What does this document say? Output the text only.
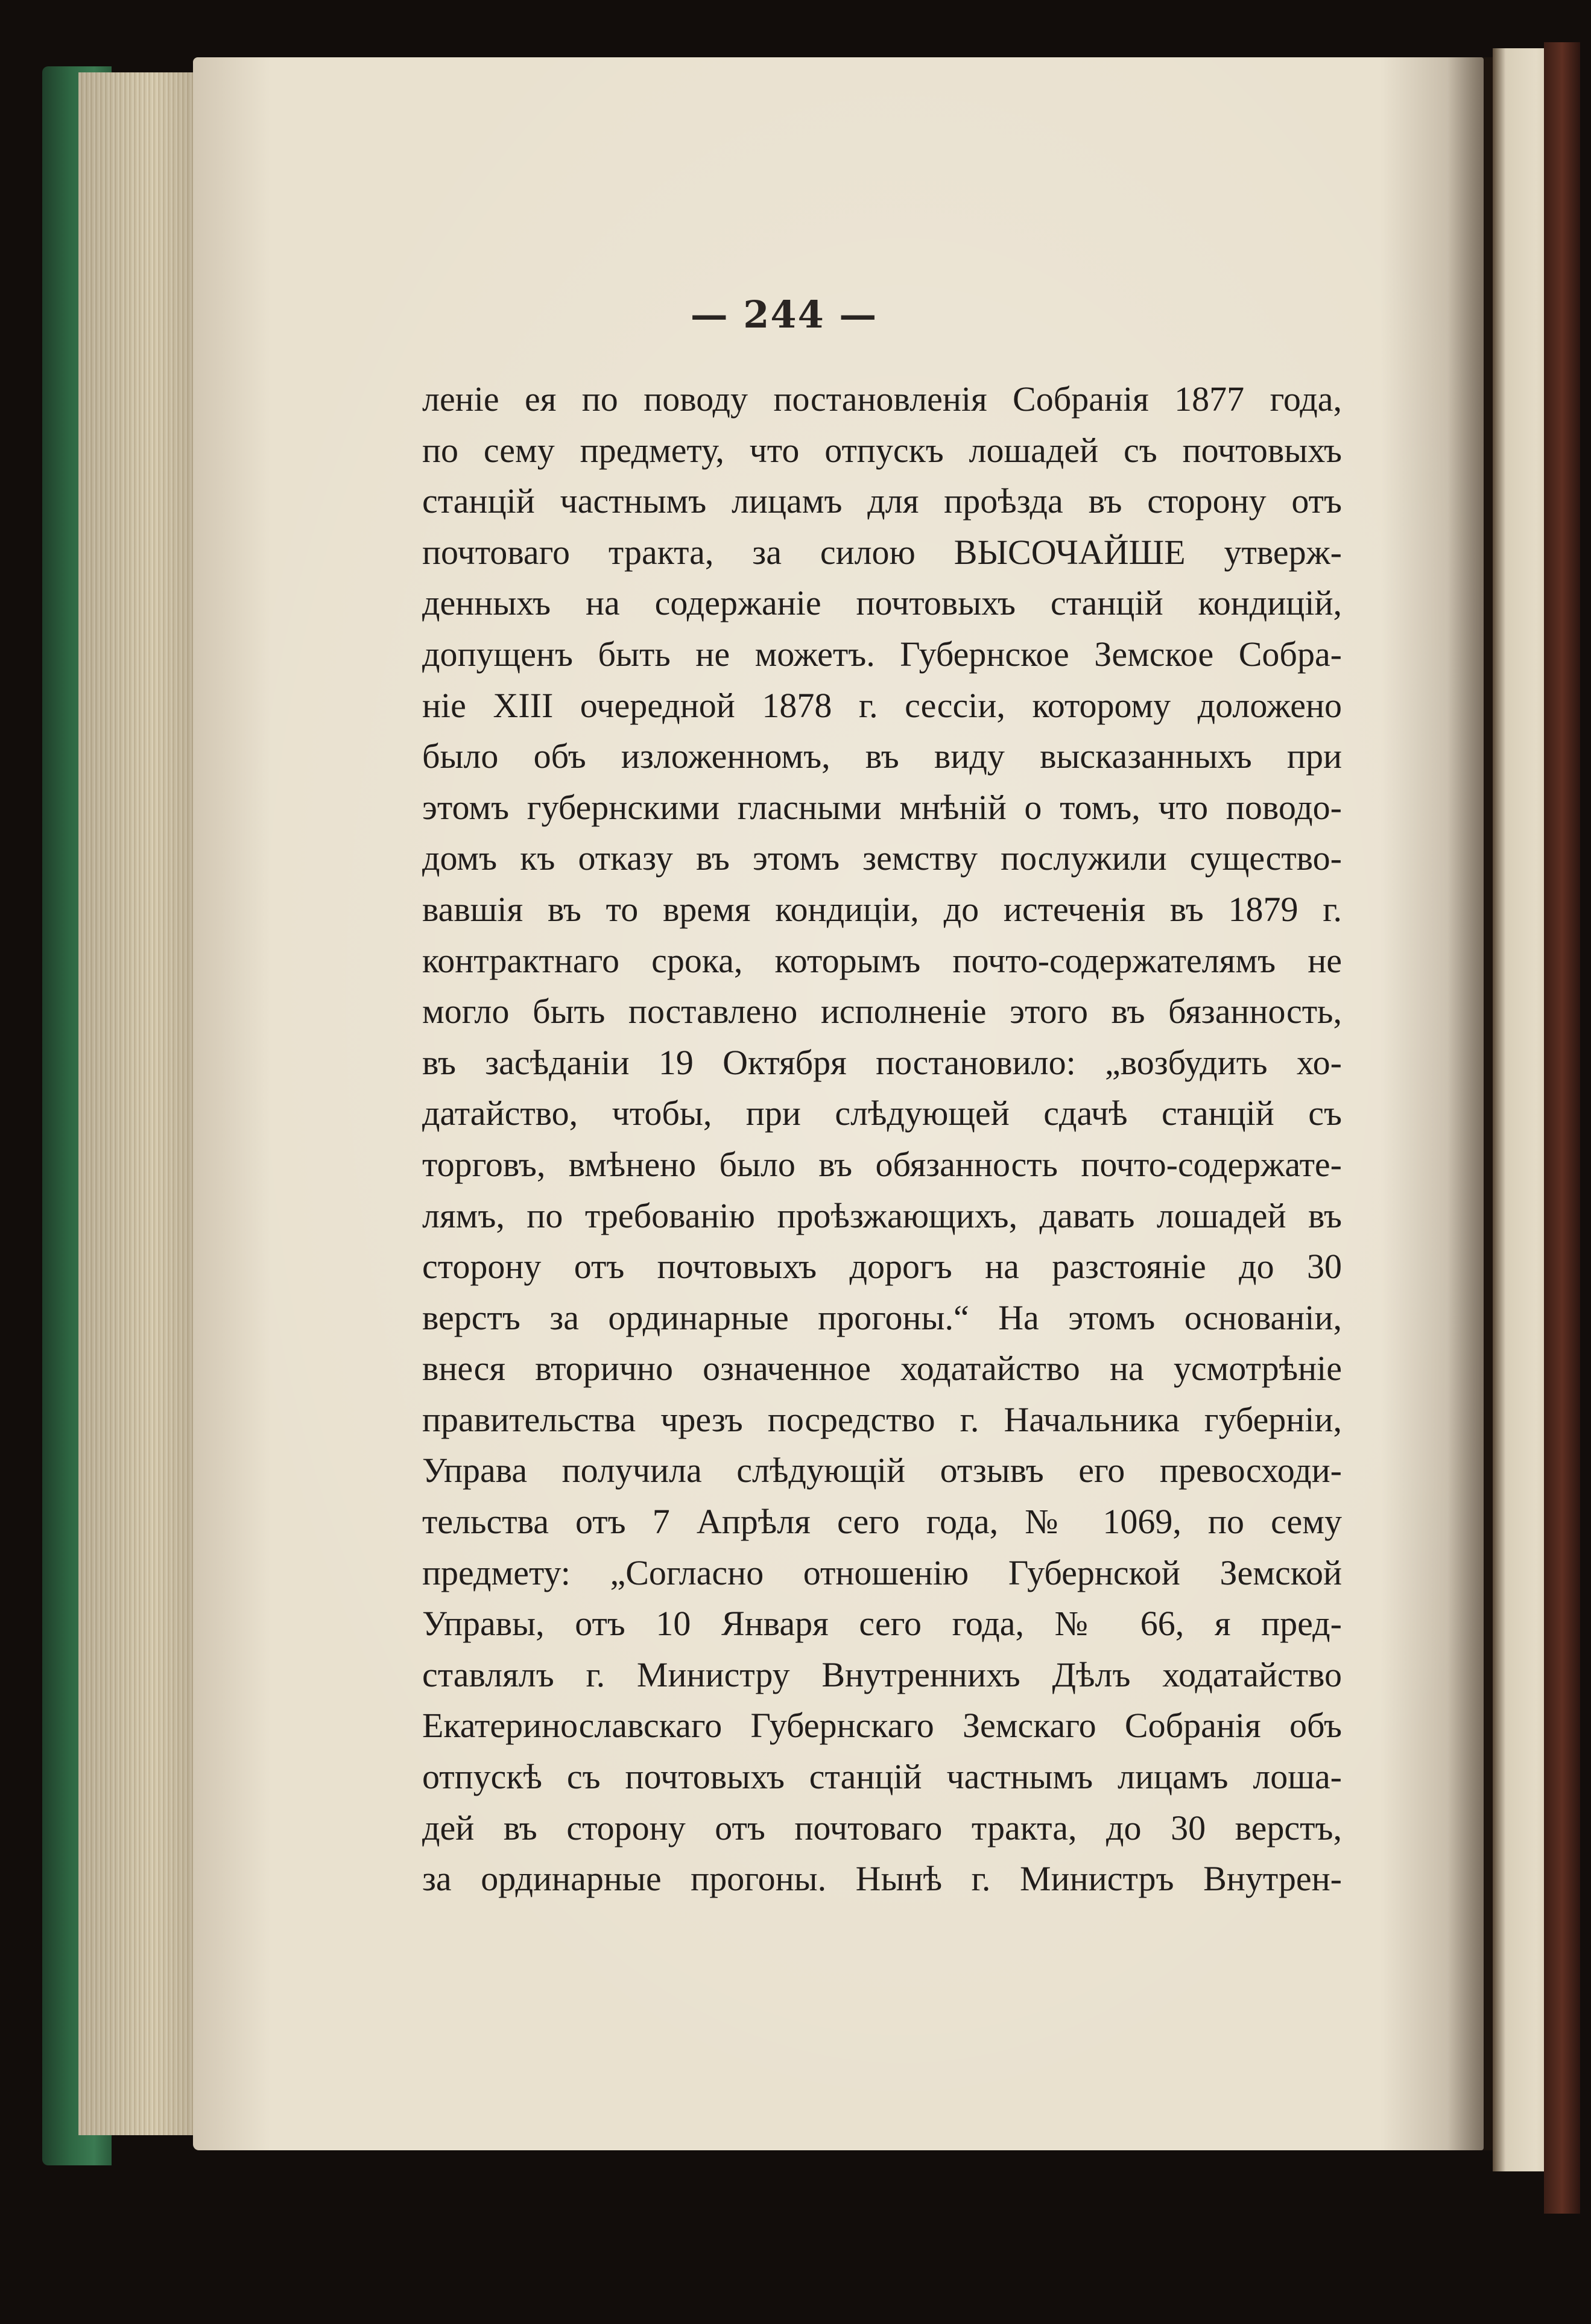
— 244 —
леніе ея по поводу постановленія Собранія 1877 года,
по сему предмету, что отпускъ лошадей съ почтовыхъ
станцій частнымъ лицамъ для проѣзда въ сторону отъ
почтоваго тракта, за силою ВЫСОЧАЙШЕ утверж-
денныхъ на содержаніе почтовыхъ станцій кондицій,
допущенъ быть не можетъ. Губернское Земское Собра-
ніе XIII очередной 1878 г. сессіи, которому доложено
было объ изложенномъ, въ виду высказанныхъ при
этомъ губернскими гласными мнѣній о томъ, что поводо-
домъ къ отказу въ этомъ земству послужили существо-
вавшія въ то время кондиціи, до истеченія въ 1879 г.
контрактнаго срока, которымъ почто-содержателямъ не
могло быть поставлено исполненіе этого въ бязанность,
въ засѣданіи 19 Октября постановило: „возбудить хо-
датайство, чтобы, при слѣдующей сдачѣ станцій съ
торговъ, вмѣнено было въ обязанность почто-содержате-
лямъ, по требованію проѣзжающихъ, давать лошадей въ
сторону отъ почтовыхъ дорогъ на разстояніе до 30
верстъ за ординарные прогоны.“ На этомъ основаніи,
внеся вторично означенное ходатайство на усмотрѣніе
правительства чрезъ посредство г. Начальника губерніи,
Управа получила слѣдующій отзывъ его превосходи-
тельства отъ 7 Апрѣля сего года, № 1069, по сему
предмету: „Согласно отношенію Губернской Земской
Управы, отъ 10 Января сего года, № 66, я пред-
ставлялъ г. Министру Внутреннихъ Дѣлъ ходатайство
Екатеринославскаго Губернскаго Земскаго Собранія объ
отпускѣ съ почтовыхъ станцій частнымъ лицамъ лоша-
дей въ сторону отъ почтоваго тракта, до 30 верстъ,
за ординарные прогоны. Нынѣ г. Министръ Внутрен-
